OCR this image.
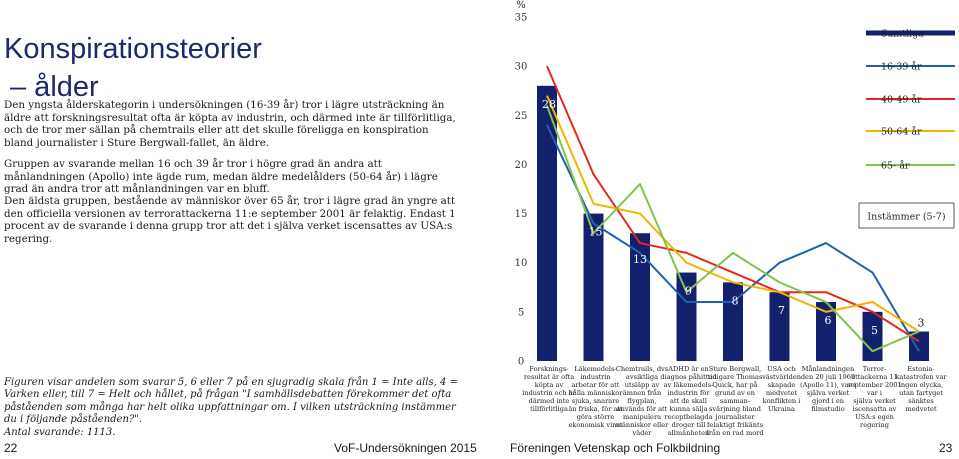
Konspirationsteorier
– ålder

Den yngsta ålderskategorin i undersökningen (16-39 år) tror i lägre utsträckning än äldre att forskningsresultat ofta är köpta av industrin, och därmed inte är tillförlitliga, och de tror mer sällan på chemtrails eller att det skulle föreligga en konspiration bland journalister i Sture Bergwall-fallet, än äldre.

Gruppen av svarande mellan 16 och 39 år tror i högre grad än andra att månlandningen (Apollo) inte ägde rum, medan äldre medelålders (50-64 år) i lägre grad än andra tror att månlandningen var en bluff.

Den äldsta gruppen, bestående av människor över 65 år, tror i lägre grad än yngre att den officiella versionen av terrorattackerna 11:e september 2001 är felaktig. Endast 1 procent av de svarande i denna grupp tror att det i själva verket iscensattes av USA:s regering.

Figuren visar andelen som svarar 5, 6 eller 7 på en sjugradig skala från 1 = Inte alls, 4 = Varken eller, till 7 = Helt och hållet, på frågan "I samhällsdebatten förekommer det ofta påståenden som många har helt olika uppfattningar om. I vilken utsträckning instämmer du i följande påståenden?".
Antal svarande: 1113.

0
5
10
15
20
25
30
35
%
28
15
13
9
8
7
6
5
3
Forsknings-resultat är ofta köpta av industrin och är därmed inte tillförlitliga
Läkemedels-industrin arbetar för att hålla människor sjuka, snarare än friska, för att göra större ekonomisk vinst
Chemtrails, dvs avsiktliga utsläpp av ämnen från flygplan, används för att manipulera människor eller väder
ADHD är en diagnos påhittad av läkemedels-industrin för att de skall kunna sälja receptbelagda droger till allmänheten
Sture Bergwall, tidigare Thomas Quick, har på grund av en samman-svärjning bland journalister felaktigt frikänts från en rad mord
USA och västvärlden skapade medvetet konflikten i Ukraina
Månlandningen den 20 juli 1969 (Apollo 11), var i själva verket gjord i en filmstudio
Terror-attackerna 11 september 2001 var i själva verket iscensatta av USA:s egen regering
Estonia-katastrofen var ingen olycka, utan fartyget sänktes medvetet
Samtliga
16-39 år
40-49 år
50-64 år
65- år
Instämmer (5-7)
22	VoF-Undersökningen 2015	Föreningen Vetenskap och Folkbildning	23
